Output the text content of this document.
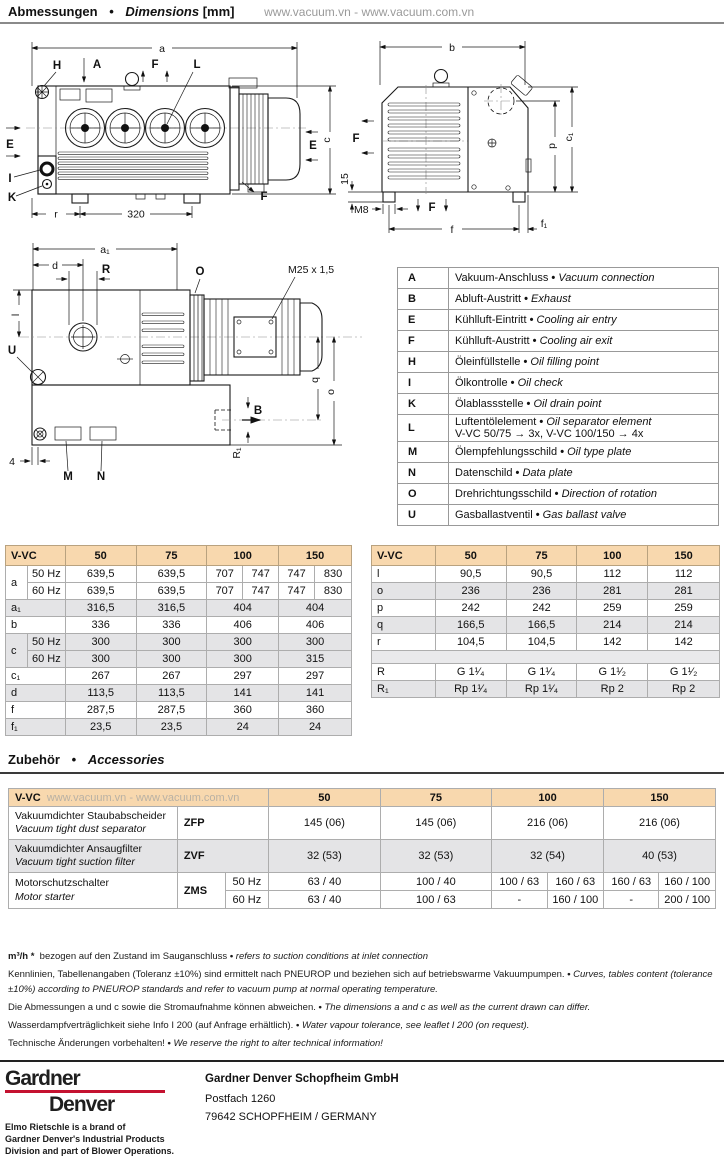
Abmessungen • Dimensions [mm] www.vacuum.vn - www.vacuum.com.vn
a
H	A	F	L
E
I
K
E c
F
r	320
b
F
15
M8	F
p
c₁
f	f₁
a₁
d	R	O	M25 x 1,5
U
l
R₁
B
q
o
4
M N
A	Vakuum-Anschluss • Vacuum connection
B	Abluft-Austritt • Exhaust
E	Kühlluft-Eintritt • Cooling air entry
F	Kühlluft-Austritt • Cooling air exit
H	Öleinfüllstelle • Oil filling point
I	Ölkontrolle • Oil check
K	Ölablassstelle • Oil drain point
L	Luftentölelement • Oil separator element
V-VC 50/75 → 3x, V-VC 100/150 → 4x

M	Ölempfehlungsschild • Oil type plate
N	Datenschild • Data plate
O	Drehrichtungsschild • Direction of rotation
U	Gasballastventil • Gas ballast valve
V-VC		50	75	100		150	
a	50 Hz	639,5	639,5	707	747	747	830
	60 Hz	639,5	639,5	707	747	747	830
a₁		316,5	316,5	404		404	
b		336	336	406		406	
c	50 Hz	300	300	300		300	
	60 Hz	300	300	300		315	
c₁		267	267	297		297	
d		113,5	113,5	141		141	
f		287,5	287,5	360		360	
f₁		23,5	23,5	24		24	
V-VC	50	75	100	150
l	90,5	90,5	112	112
o	236	236	281	281
p	242	242	259	259
q	166,5	166,5	214	214
r	104,5	104,5	142	142

R	G 1¹⁄₄	G 1¹⁄₄	G 1¹⁄₂	G 1¹⁄₂
R₁	Rp 1¹⁄₄	Rp 1¹⁄₄	Rp 2	Rp 2
Zubehör • Accessories
V-VC www.vacuum.vn - www.vacuum.com.vn			50	75	100		150	

Vakuumdichter Staubabscheider
Vacuum tight dust separator	ZFP		145 (06)	145 (06)	216 (06)		216 (06)	

Vakuumdichter Ansaugfilter
Vacuum tight suction filter	ZVF		32 (53)	32 (53)	32 (54)		40 (53)	

Motorschutzschalter
Motor starter	ZMS	50 Hz	63 / 40	100 / 40	100 / 63	160 / 63	160 / 63	160 / 100
		60 Hz	63 / 40	100 / 63	-	160 / 100	-	200 / 100
m³/h * bezogen auf den Zustand im Sauganschluss • refers to suction conditions at inlet connection
Kennlinien, Tabellenangaben (Toleranz ±10%) sind ermittelt nach PNEUROP und beziehen sich auf betriebswarme Vakuumpumpen. • Curves, tables content (tolerance ±10%) according to PNEUROP standards and refer to vacuum pump at normal operating temperature.
Die Abmessungen a und c sowie die Stromaufnahme können abweichen. • The dimensions a and c as well as the current drawn can differ.
Wasserdampfverträglichkeit siehe Info I 200 (auf Anfrage erhältlich). • Water vapour tolerance, see leaflet I 200 (on request).
Technische Änderungen vorbehalten! • We reserve the right to alter technical information!
Gardner
Denver
Elmo Rietschle is a brand of
Gardner Denver's Industrial Products
Division and part of Blower Operations.
Gardner Denver Schopfheim GmbH
Postfach 1260
79642 SCHOPFHEIM / GERMANY
